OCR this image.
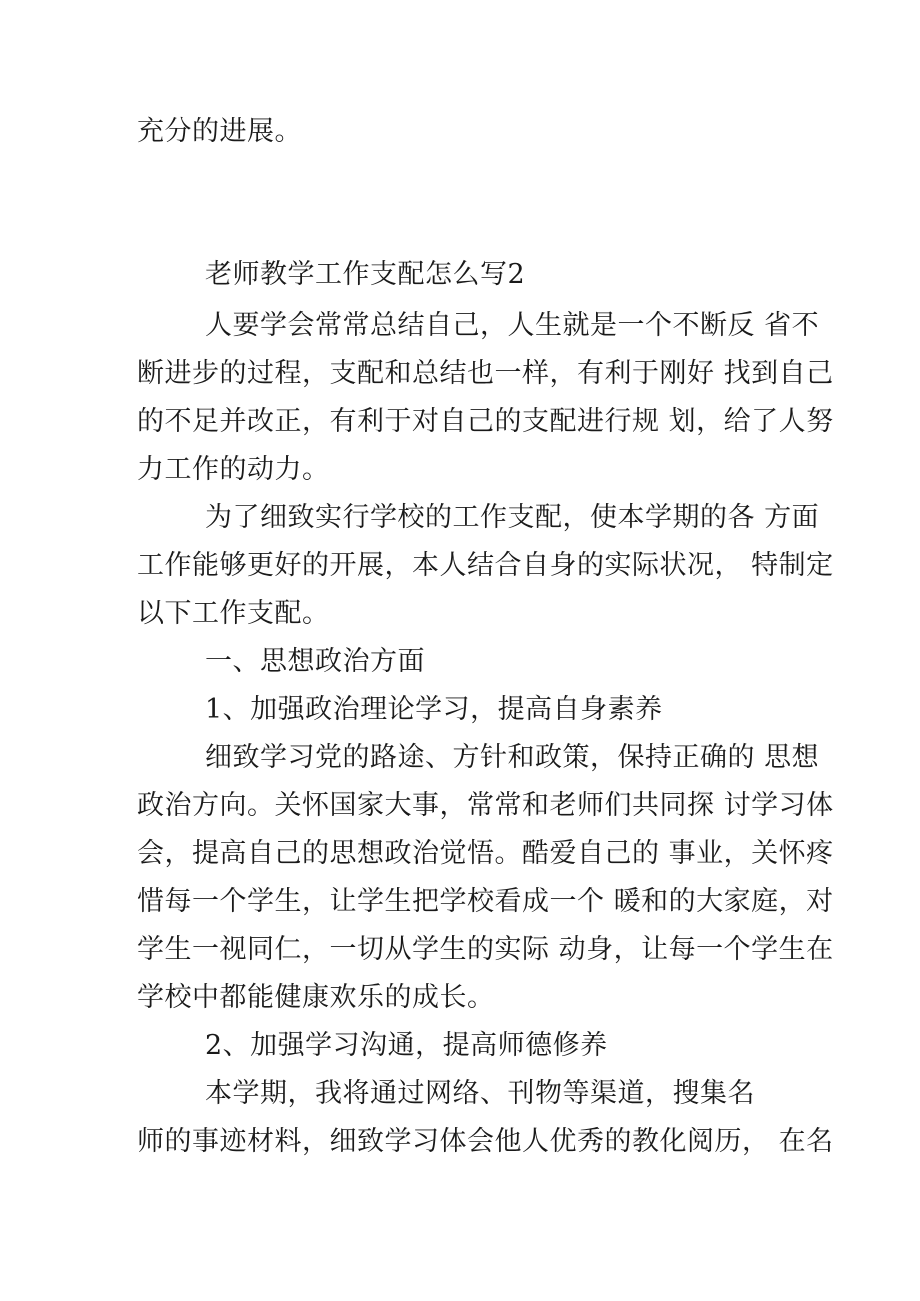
充分的进展。
老师教学工作支配怎么写2
人要学会常常总结自己，人生就是一个不断反 省不
断进步的过程，支配和总结也一样，有利于刚好 找到自己
的不足并改正，有利于对自己的支配进行规 划，给了人努
力工作的动力。
为了细致实行学校的工作支配，使本学期的各 方面
工作能够更好的开展，本人结合自身的实际状况， 特制定
以下工作支配。
一、思想政治方面
1、加强政治理论学习，提高自身素养
细致学习党的路途、方针和政策，保持正确的 思想
政治方向。关怀国家大事，常常和老师们共同探 讨学习体
会，提高自己的思想政治觉悟。酷爱自己的 事业，关怀疼
惜每一个学生，让学生把学校看成一个 暖和的大家庭，对
学生一视同仁，一切从学生的实际 动身，让每一个学生在
学校中都能健康欢乐的成长。
2、加强学习沟通，提高师德修养
本学期，我将通过网络、刊物等渠道，搜集名
师的事迹材料，细致学习体会他人优秀的教化阅历， 在名
